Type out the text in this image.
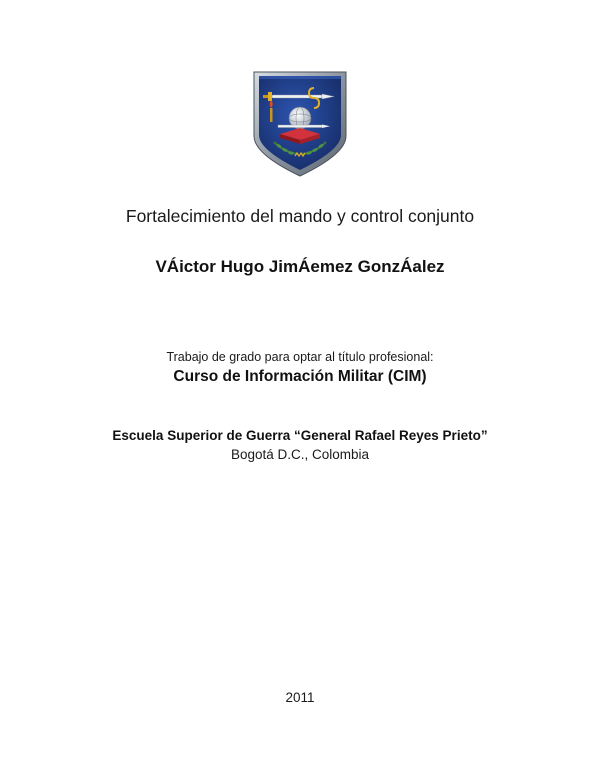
Fortalecimiento del mando y control conjunto
VÁictor Hugo JimÁemez GonzÁalez
Trabajo de grado para optar al título profesional:
Curso de Información Militar (CIM)
Escuela Superior de Guerra “General Rafael Reyes Prieto”
Bogotá D.C., Colombia
2011
